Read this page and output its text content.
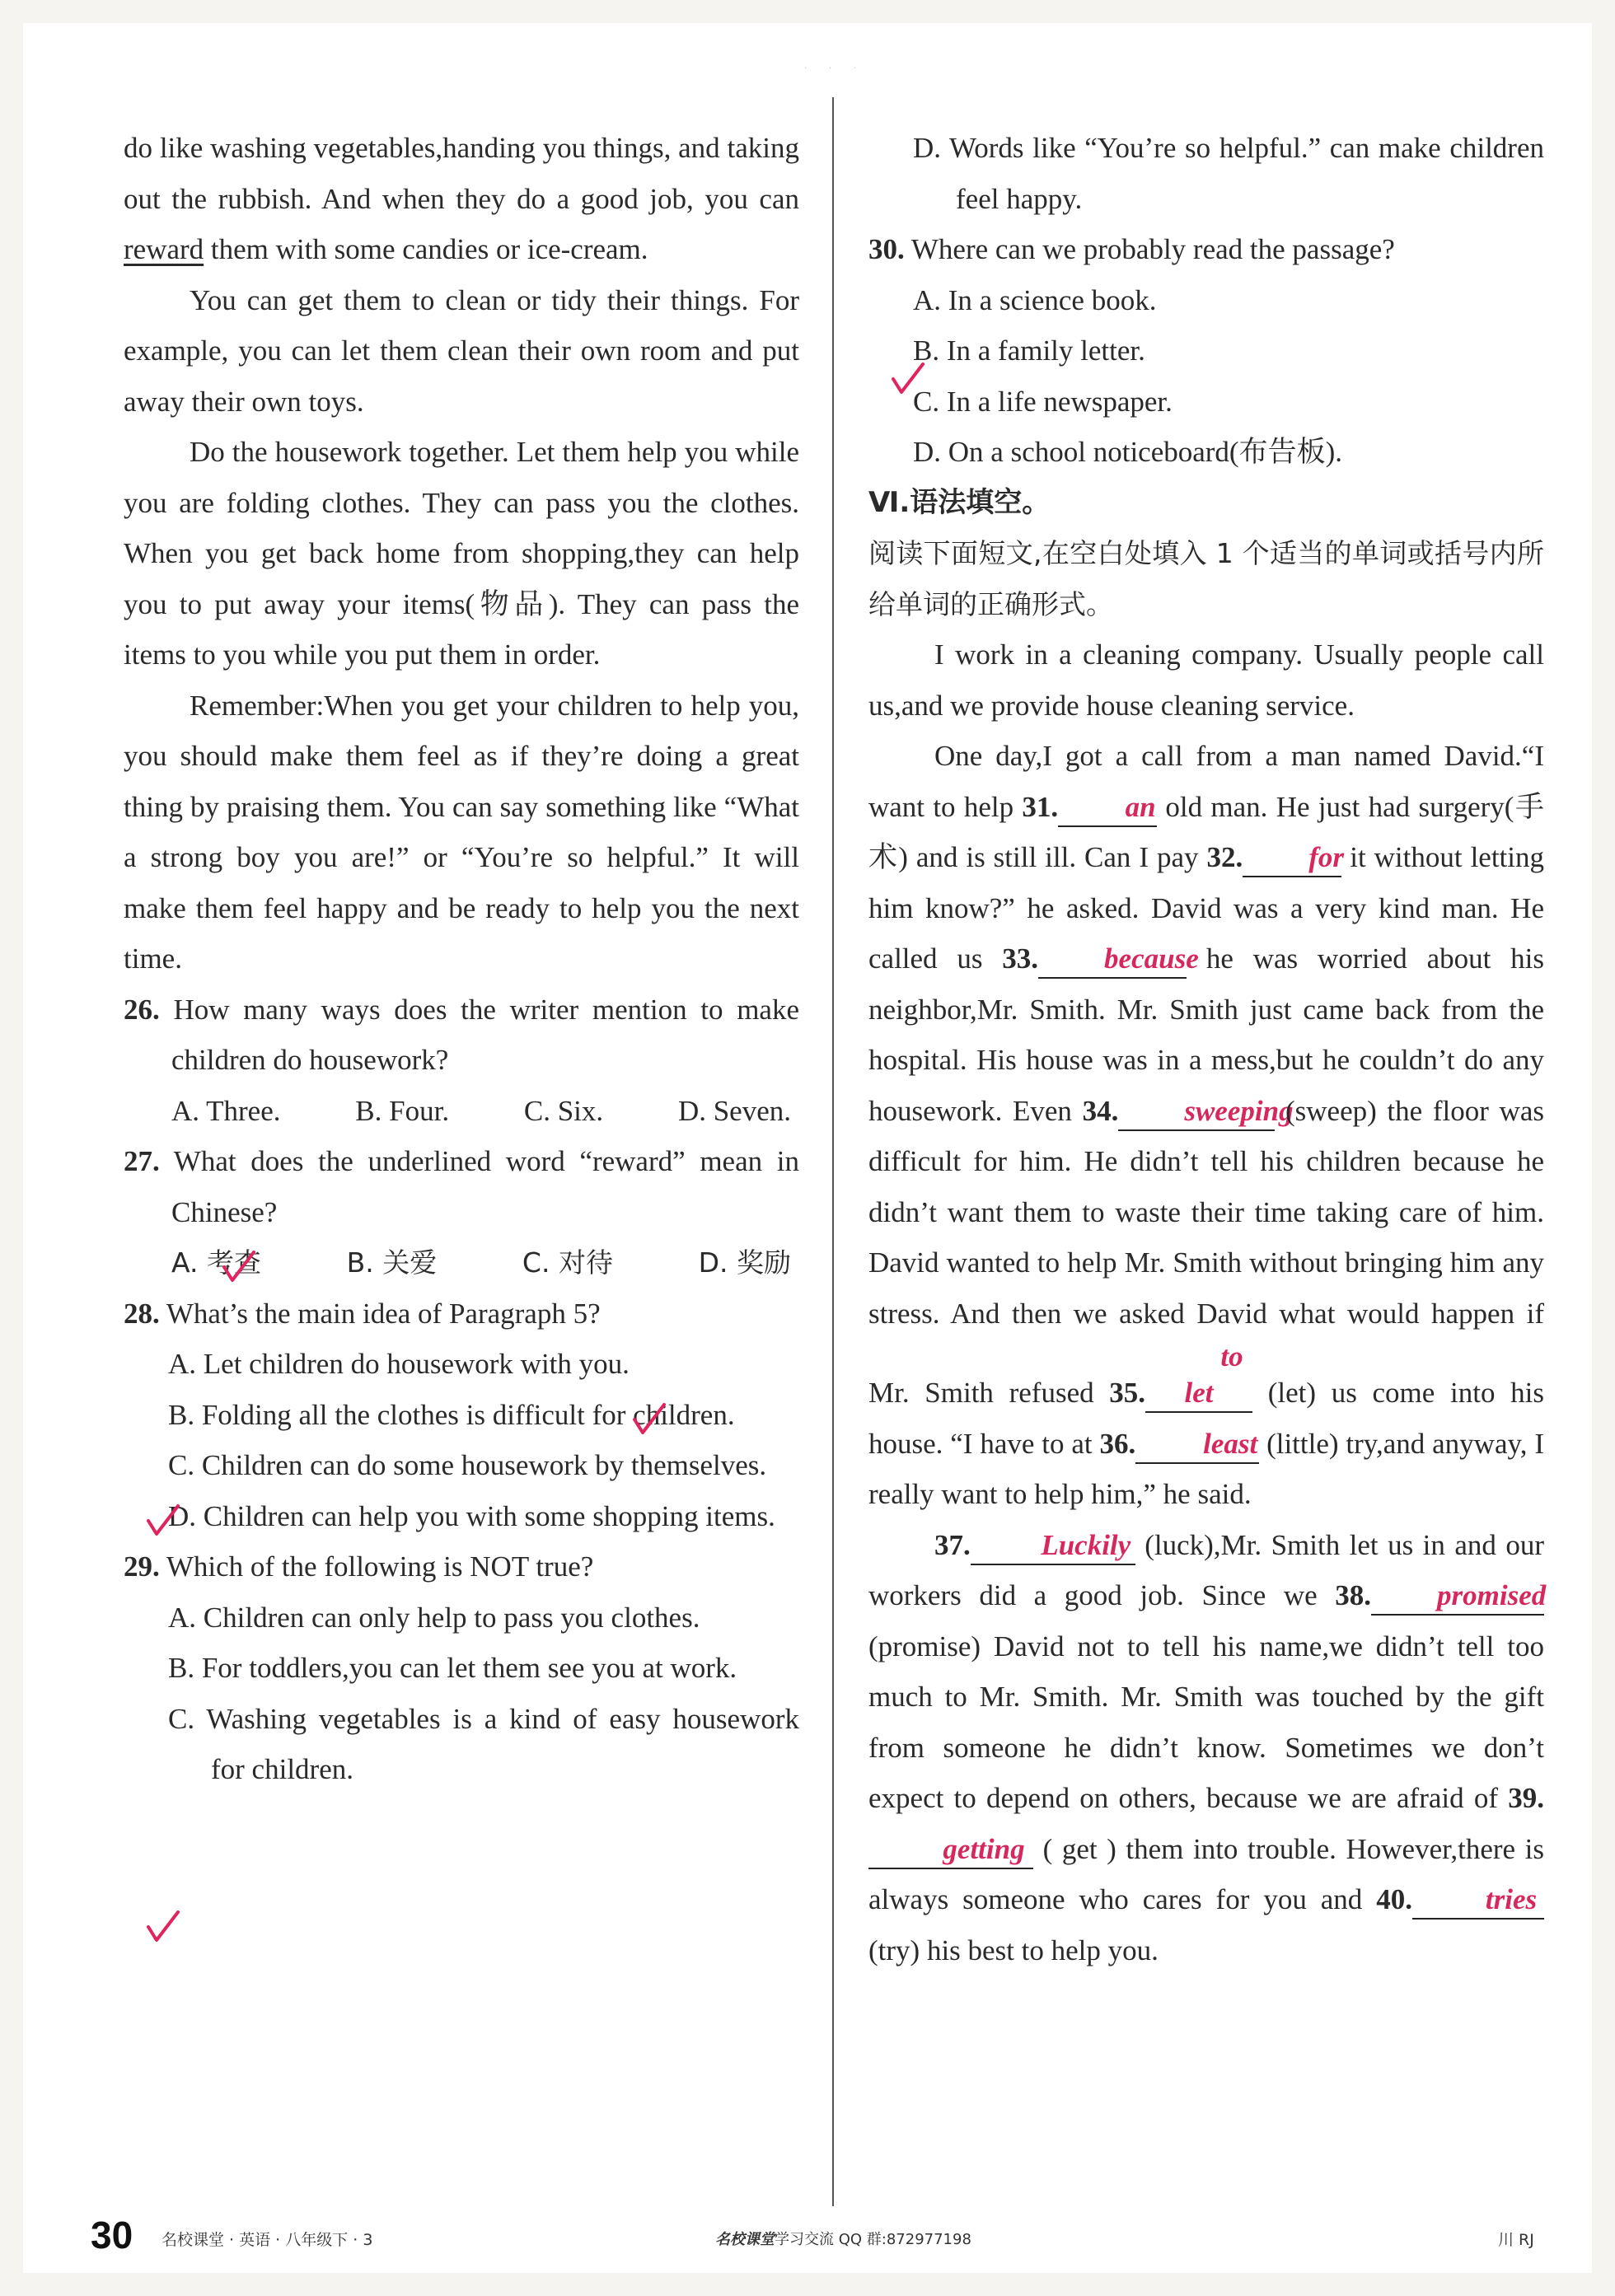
· · ·

do like washing vegetables,handing you things, and taking out the rubbish. And when they do a good job, you can reward them with some candies or ice-cream.

You can get them to clean or tidy their things. For example, you can let them clean their own room and put away their own toys.

Do the housework together. Let them help you while you are folding clothes. They can pass you the clothes. When you get back home from shopping,they can help you to put away your items(物品). They can pass the items to you while you put them in order.

Remember:When you get your children to help you, you should make them feel as if they’re doing a great thing by praising them. You can say something like “What a strong boy you are!” or “You’re so helpful.” It will make them feel happy and be ready to help you the next time.

26. How many ways does the writer mention to make children do housework?

A. Three.	B. Four.	C. Six.	D. Seven.

27. What does the underlined word “reward” mean in Chinese?

A. 考查	B. 关爱	C. 对待	D. 奖励

28. What’s the main idea of Paragraph 5?

A. Let children do housework with you.

B. Folding all the clothes is difficult for children.

C. Children can do some housework by themselves.

D. Children can help you with some shopping items.

29. Which of the following is NOT true?

A. Children can only help to pass you clothes.

B. For toddlers,you can let them see you at work.

C. Washing vegetables is a kind of easy housework for children.

D. Words like “You’re so helpful.” can make children feel happy.

30. Where can we probably read the passage?

A. In a science book.

B. In a family letter.

C. In a life newspaper.

D. On a school noticeboard(布告板).

Ⅵ.语法填空。

阅读下面短文,在空白处填入 1 个适当的单词或括号内所给单词的正确形式。

I work in a cleaning company. Usually people call us,and we provide house cleaning service.

One day,I got a call from a man named David.“I want to help 31. an old man. He just had surgery(手术) and is still ill. Can I pay 32. for it without letting him know?” he asked. David was a very kind man. He called us 33. because he was worried about his neighbor,Mr. Smith. Mr. Smith just came back from the hospital. His house was in a mess,but he couldn’t do any housework. Even 34. sweeping (sweep) the floor was difficult for him. He didn’t tell his children because he didn’t want them to waste their time taking care of him. David wanted to help Mr. Smith without bringing him any stress. And then we asked David what would happen if Mr. Smith refused 35.to let (let) us come into his house. “I have to at 36. least (little) try,and anyway, I really want to help him,” he said.

37. Luckily (luck),Mr. Smith let us in and our workers did a good job. Since we 38. promised (promise) David not to tell his name,we didn’t tell too much to Mr. Smith. Mr. Smith was touched by the gift from someone he didn’t know. Sometimes we don’t expect to depend on others, because we are afraid of 39.getting ( get ) them into trouble. However,there is always someone who cares for you and 40.	tries (try) his best to help you.

30 名校课堂 · 英语 · 八年级下 · 3	名校课堂学习交流 QQ 群:872977198	川 RJ
